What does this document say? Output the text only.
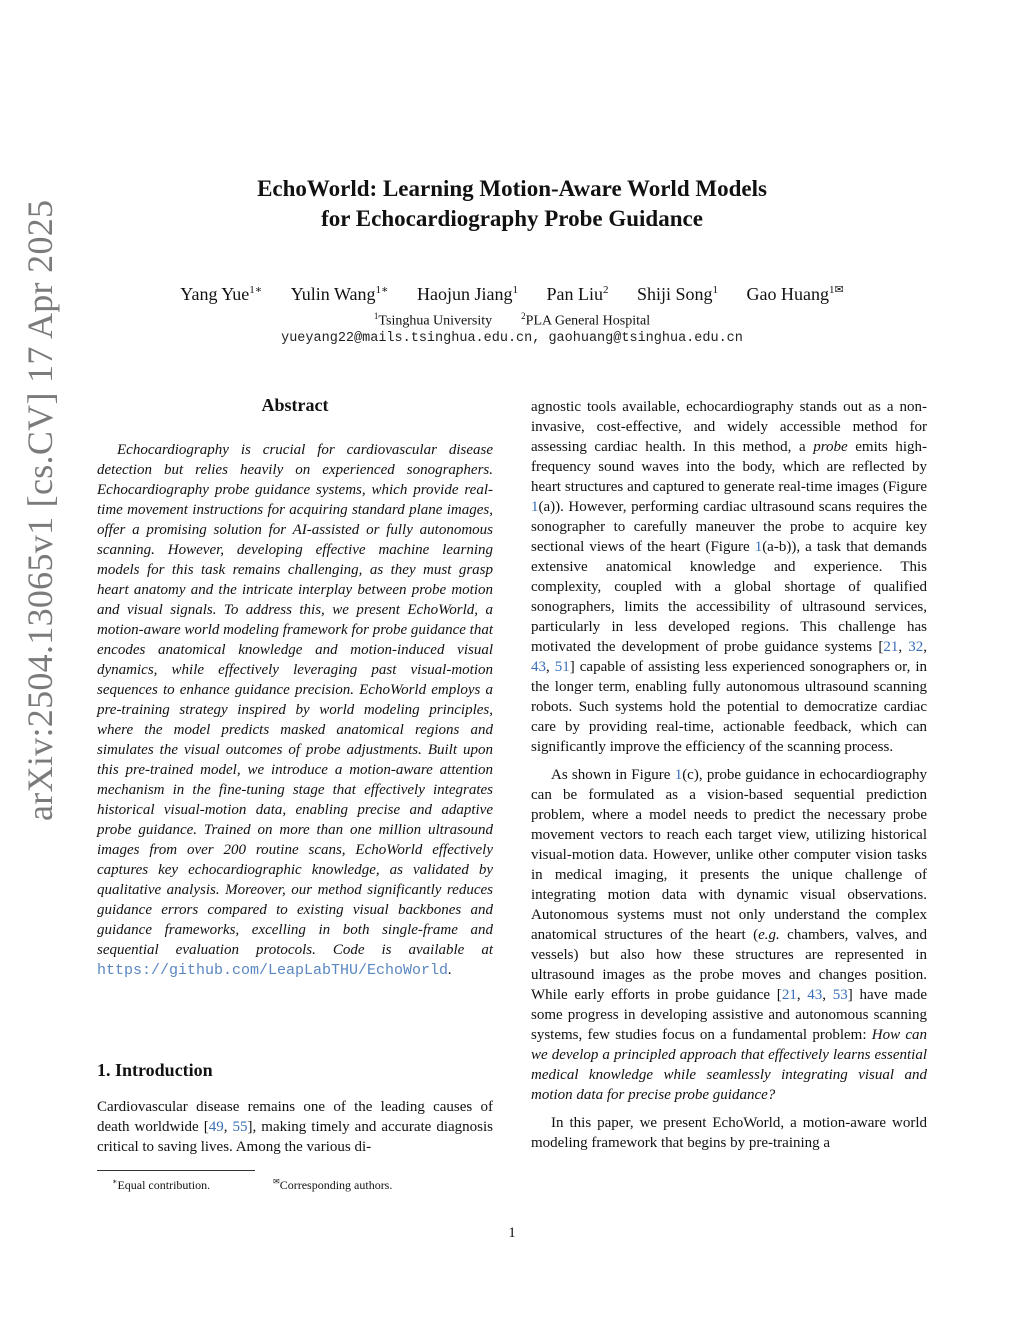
arXiv:2504.13065v1 [cs.CV] 17 Apr 2025
EchoWorld: Learning Motion-Aware World Models
for Echocardiography Probe Guidance
Yang Yue$^{1∗}$ Yulin Wang$^{1∗}$ Haojun Jiang$^1$ Pan Liu$^2$ Shiji Song$^1$ Gao Huang$^{1✉}$
$^1$Tsinghua University	$^2$PLA General Hospital
yueyang22@mails.tsinghua.edu.cn, gaohuang@tsinghua.edu.cn
Abstract

Echocardiography is crucial for cardiovascular disease detection but relies heavily on experienced sonographers. Echocardiography probe guidance systems, which provide real-time movement instructions for acquiring standard plane images, offer a promising solution for AI-assisted or fully autonomous scanning. However, developing effective machine learning models for this task remains challenging, as they must grasp heart anatomy and the intricate interplay between probe motion and visual signals. To address this, we present EchoWorld, a motion-aware world modeling framework for probe guidance that encodes anatomical knowledge and motion-induced visual dynamics, while effectively leveraging past visual-motion sequences to enhance guidance precision. EchoWorld employs a pre-training strategy inspired by world modeling principles, where the model predicts masked anatomical regions and simulates the visual outcomes of probe adjustments. Built upon this pre-trained model, we introduce a motion-aware attention mechanism in the fine-tuning stage that effectively integrates historical visual-motion data, enabling precise and adaptive probe guidance. Trained on more than one million ultrasound images from over 200 routine scans, EchoWorld effectively captures key echocardiographic knowledge, as validated by qualitative analysis. Moreover, our method significantly reduces guidance errors compared to existing visual backbones and guidance frameworks, excelling in both single-frame and sequential evaluation protocols. Code is available at https://github.com/LeapLabTHU/EchoWorld.

1. Introduction

Cardiovascular disease remains one of the leading causes of death worldwide [49, 55], making timely and accurate diagnosis critical to saving lives. Among the various di-

∗Equal contribution.	✉Corresponding authors.

agnostic tools available, echocardiography stands out as a non-invasive, cost-effective, and widely accessible method for assessing cardiac health. In this method, a probe emits high-frequency sound waves into the body, which are reflected by heart structures and captured to generate real-time images (Figure 1(a)). However, performing cardiac ultrasound scans requires the sonographer to carefully maneuver the probe to acquire key sectional views of the heart (Figure 1(a-b)), a task that demands extensive anatomical knowledge and experience. This complexity, coupled with a global shortage of qualified sonographers, limits the accessibility of ultrasound services, particularly in less developed regions. This challenge has motivated the development of probe guidance systems [21, 32, 43, 51] capable of assisting less experienced sonographers or, in the longer term, enabling fully autonomous ultrasound scanning robots. Such systems hold the potential to democratize cardiac care by providing real-time, actionable feedback, which can significantly improve the efficiency of the scanning process.

As shown in Figure 1(c), probe guidance in echocardiography can be formulated as a vision-based sequential prediction problem, where a model needs to predict the necessary probe movement vectors to reach each target view, utilizing historical visual-motion data. However, unlike other computer vision tasks in medical imaging, it presents the unique challenge of integrating motion data with dynamic visual observations. Autonomous systems must not only understand the complex anatomical structures of the heart (e.g. chambers, valves, and vessels) but also how these structures are represented in ultrasound images as the probe moves and changes position. While early efforts in probe guidance [21, 43, 53] have made some progress in developing assistive and autonomous scanning systems, few studies focus on a fundamental problem: How can we develop a principled approach that effectively learns essential medical knowledge while seamlessly integrating visual and motion data for precise probe guidance?

In this paper, we present EchoWorld, a motion-aware world modeling framework that begins by pre-training a

1
